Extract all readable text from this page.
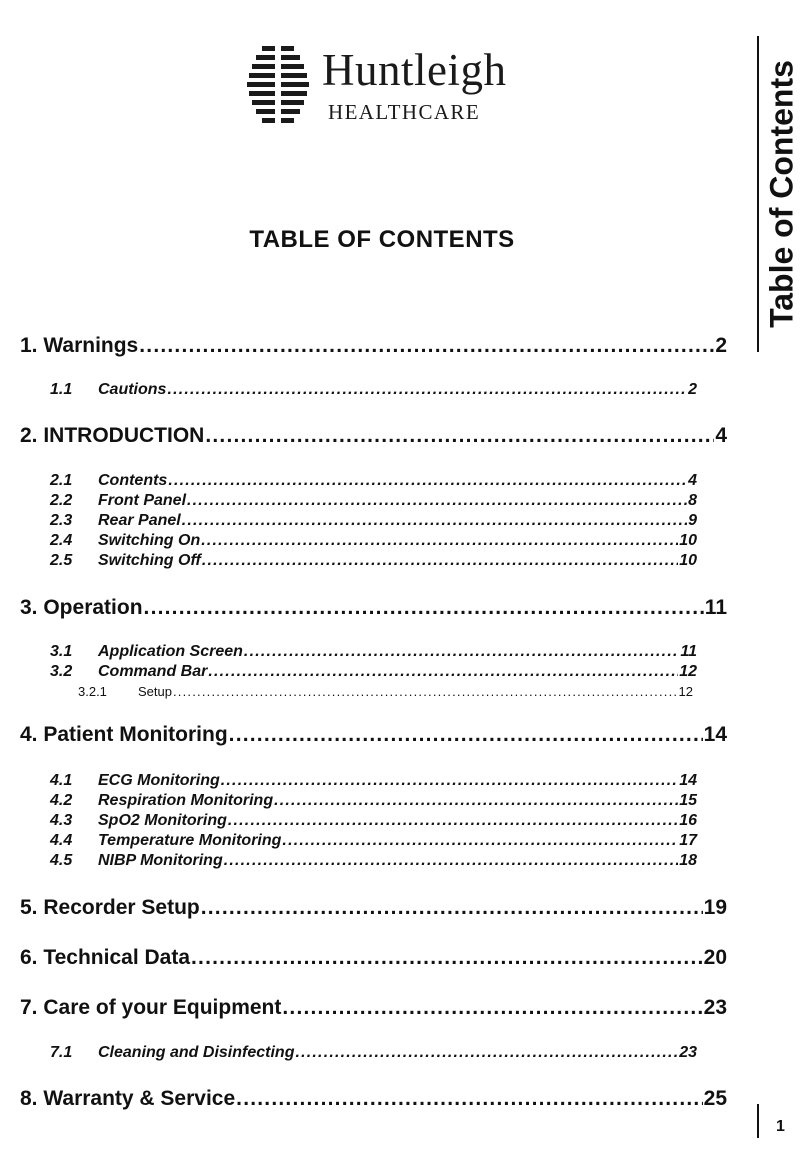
Huntleigh
HEALTHCARE
TABLE OF CONTENTS
1. Warnings .....	2
1.1 Cautions .....	2
2. INTRODUCTION .....	4
2.1 Contents .....	4
2.2 Front Panel .....	8
2.3 Rear Panel .....	9
2.4 Switching On .....	10
2.5 Switching Off .....	10
3. Operation .....	11
3.1 Application Screen .....	11
3.2 Command Bar .....	12
3.2.1 Setup .....	12
4. Patient Monitoring .....	14
4.1 ECG Monitoring .....	14
4.2 Respiration Monitoring .....	15
4.3 SpO2 Monitoring .....	16
4.4 Temperature Monitoring .....	17
4.5 NIBP Monitoring .....	18
5. Recorder Setup .....	19
6. Technical Data .....	20
7. Care of your Equipment .....	23
7.1 Cleaning and Disinfecting .....	23
8. Warranty & Service .....	25
Table of Contents
1
